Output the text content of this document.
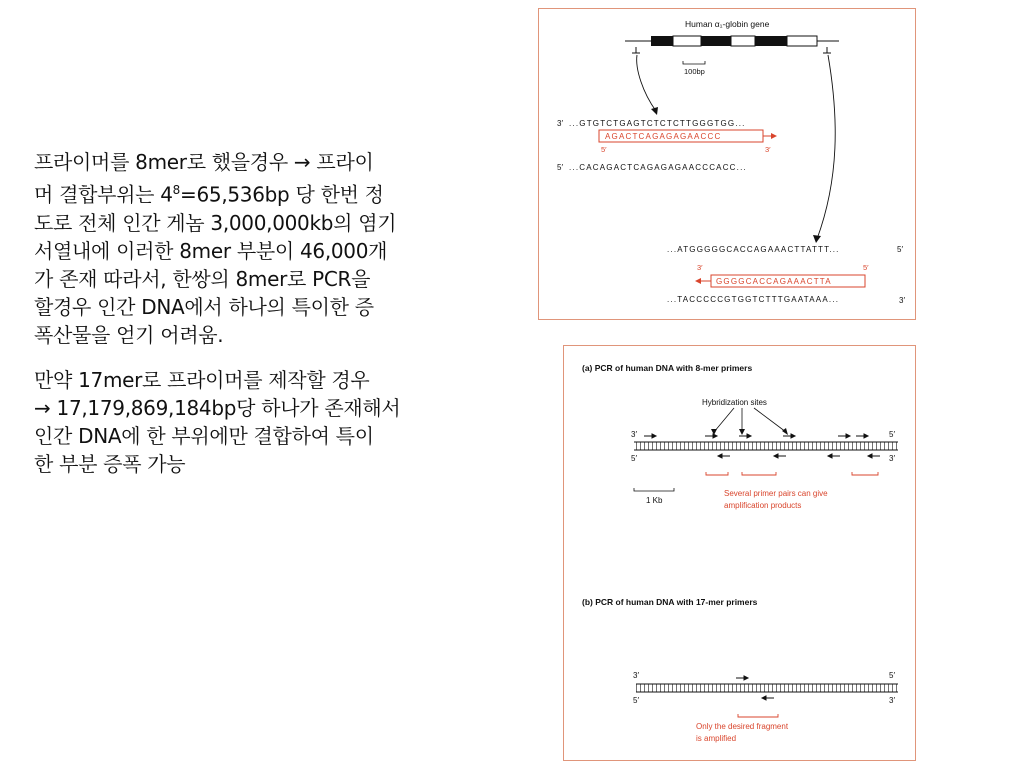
프라이머를 8mer로 했을경우 → 프라이
머 결합부위는 $4^8=65,536bp$ 당 한번 정
도로 전체 인간 게놈 3,000,000kb의 염기
서열내에 이러한 8mer 부분이 46,000개
가 존재 따라서, 한쌍의 8mer로 PCR을
할경우 인간 DNA에서 하나의 특이한 증
폭산물을 얻기 어려움.
만약 17mer로 프라이머를 제작할 경우
→ 17,179,869,184bp당 하나가 존재해서
인간 DNA에 한 부위에만 결합하여 특이
한 부분 증폭 가능
Human α₁-globin gene
100bp
3′ ...GTGTCTGAGTCTCTCTTGGGTGG...
AGACTCAGAGAGAACCC
5′	3′
5′ ...CACAGACTCAGAGAGAACCCACC...
...ATGGGGGCACCAGAAACTTATTT...	5′
3′	5′
GGGGCACCAGAAACTTA
...TACCCCCGTGGTCTTTGAATAAA...	3′
(a) PCR of human DNA with 8-mer primers
Hybridization sites
3′	5′
5′	3′
1 Kb
Several primer pairs can give
amplification products
(b) PCR of human DNA with 17-mer primers
3′	5′
5′	3′
Only the desired fragment
is amplified
